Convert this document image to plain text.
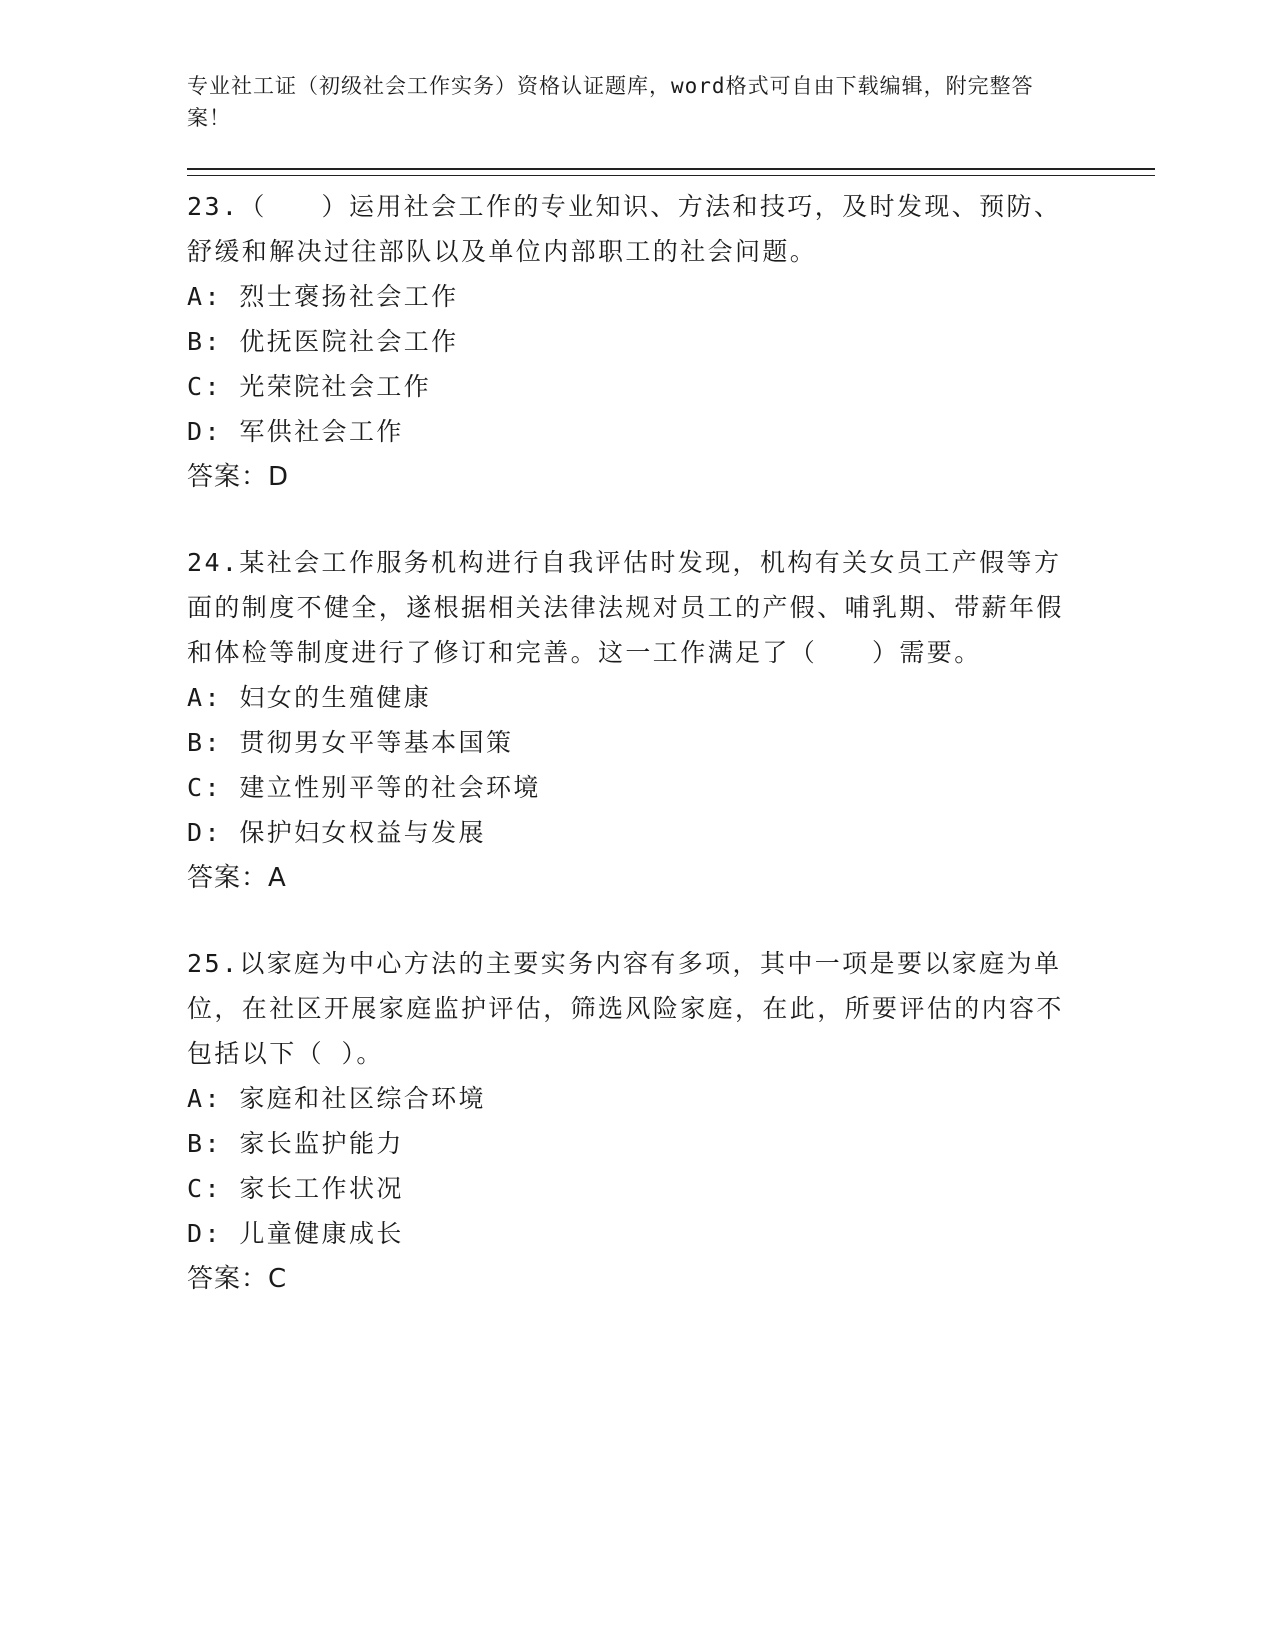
专业社工证（初级社会工作实务）资格认证题库，word格式可自由下载编辑，附完整答案！

23.（　　）运用社会工作的专业知识、方法和技巧，及时发现、预防、舒缓和解决过往部队以及单位内部职工的社会问题。

A: 烈士褒扬社会工作

B: 优抚医院社会工作

C: 光荣院社会工作

D: 军供社会工作

答案：D

24.某社会工作服务机构进行自我评估时发现，机构有关女员工产假等方面的制度不健全，遂根据相关法律法规对员工的产假、哺乳期、带薪年假和体检等制度进行了修订和完善。这一工作满足了（　　）需要。

A: 妇女的生殖健康

B: 贯彻男女平等基本国策

C: 建立性别平等的社会环境

D: 保护妇女权益与发展

答案：A

25.以家庭为中心方法的主要实务内容有多项，其中一项是要以家庭为单位，在社区开展家庭监护评估，筛选风险家庭，在此，所要评估的内容不包括以下（ ）。

A: 家庭和社区综合环境

B: 家长监护能力

C: 家长工作状况

D: 儿童健康成长

答案：C
